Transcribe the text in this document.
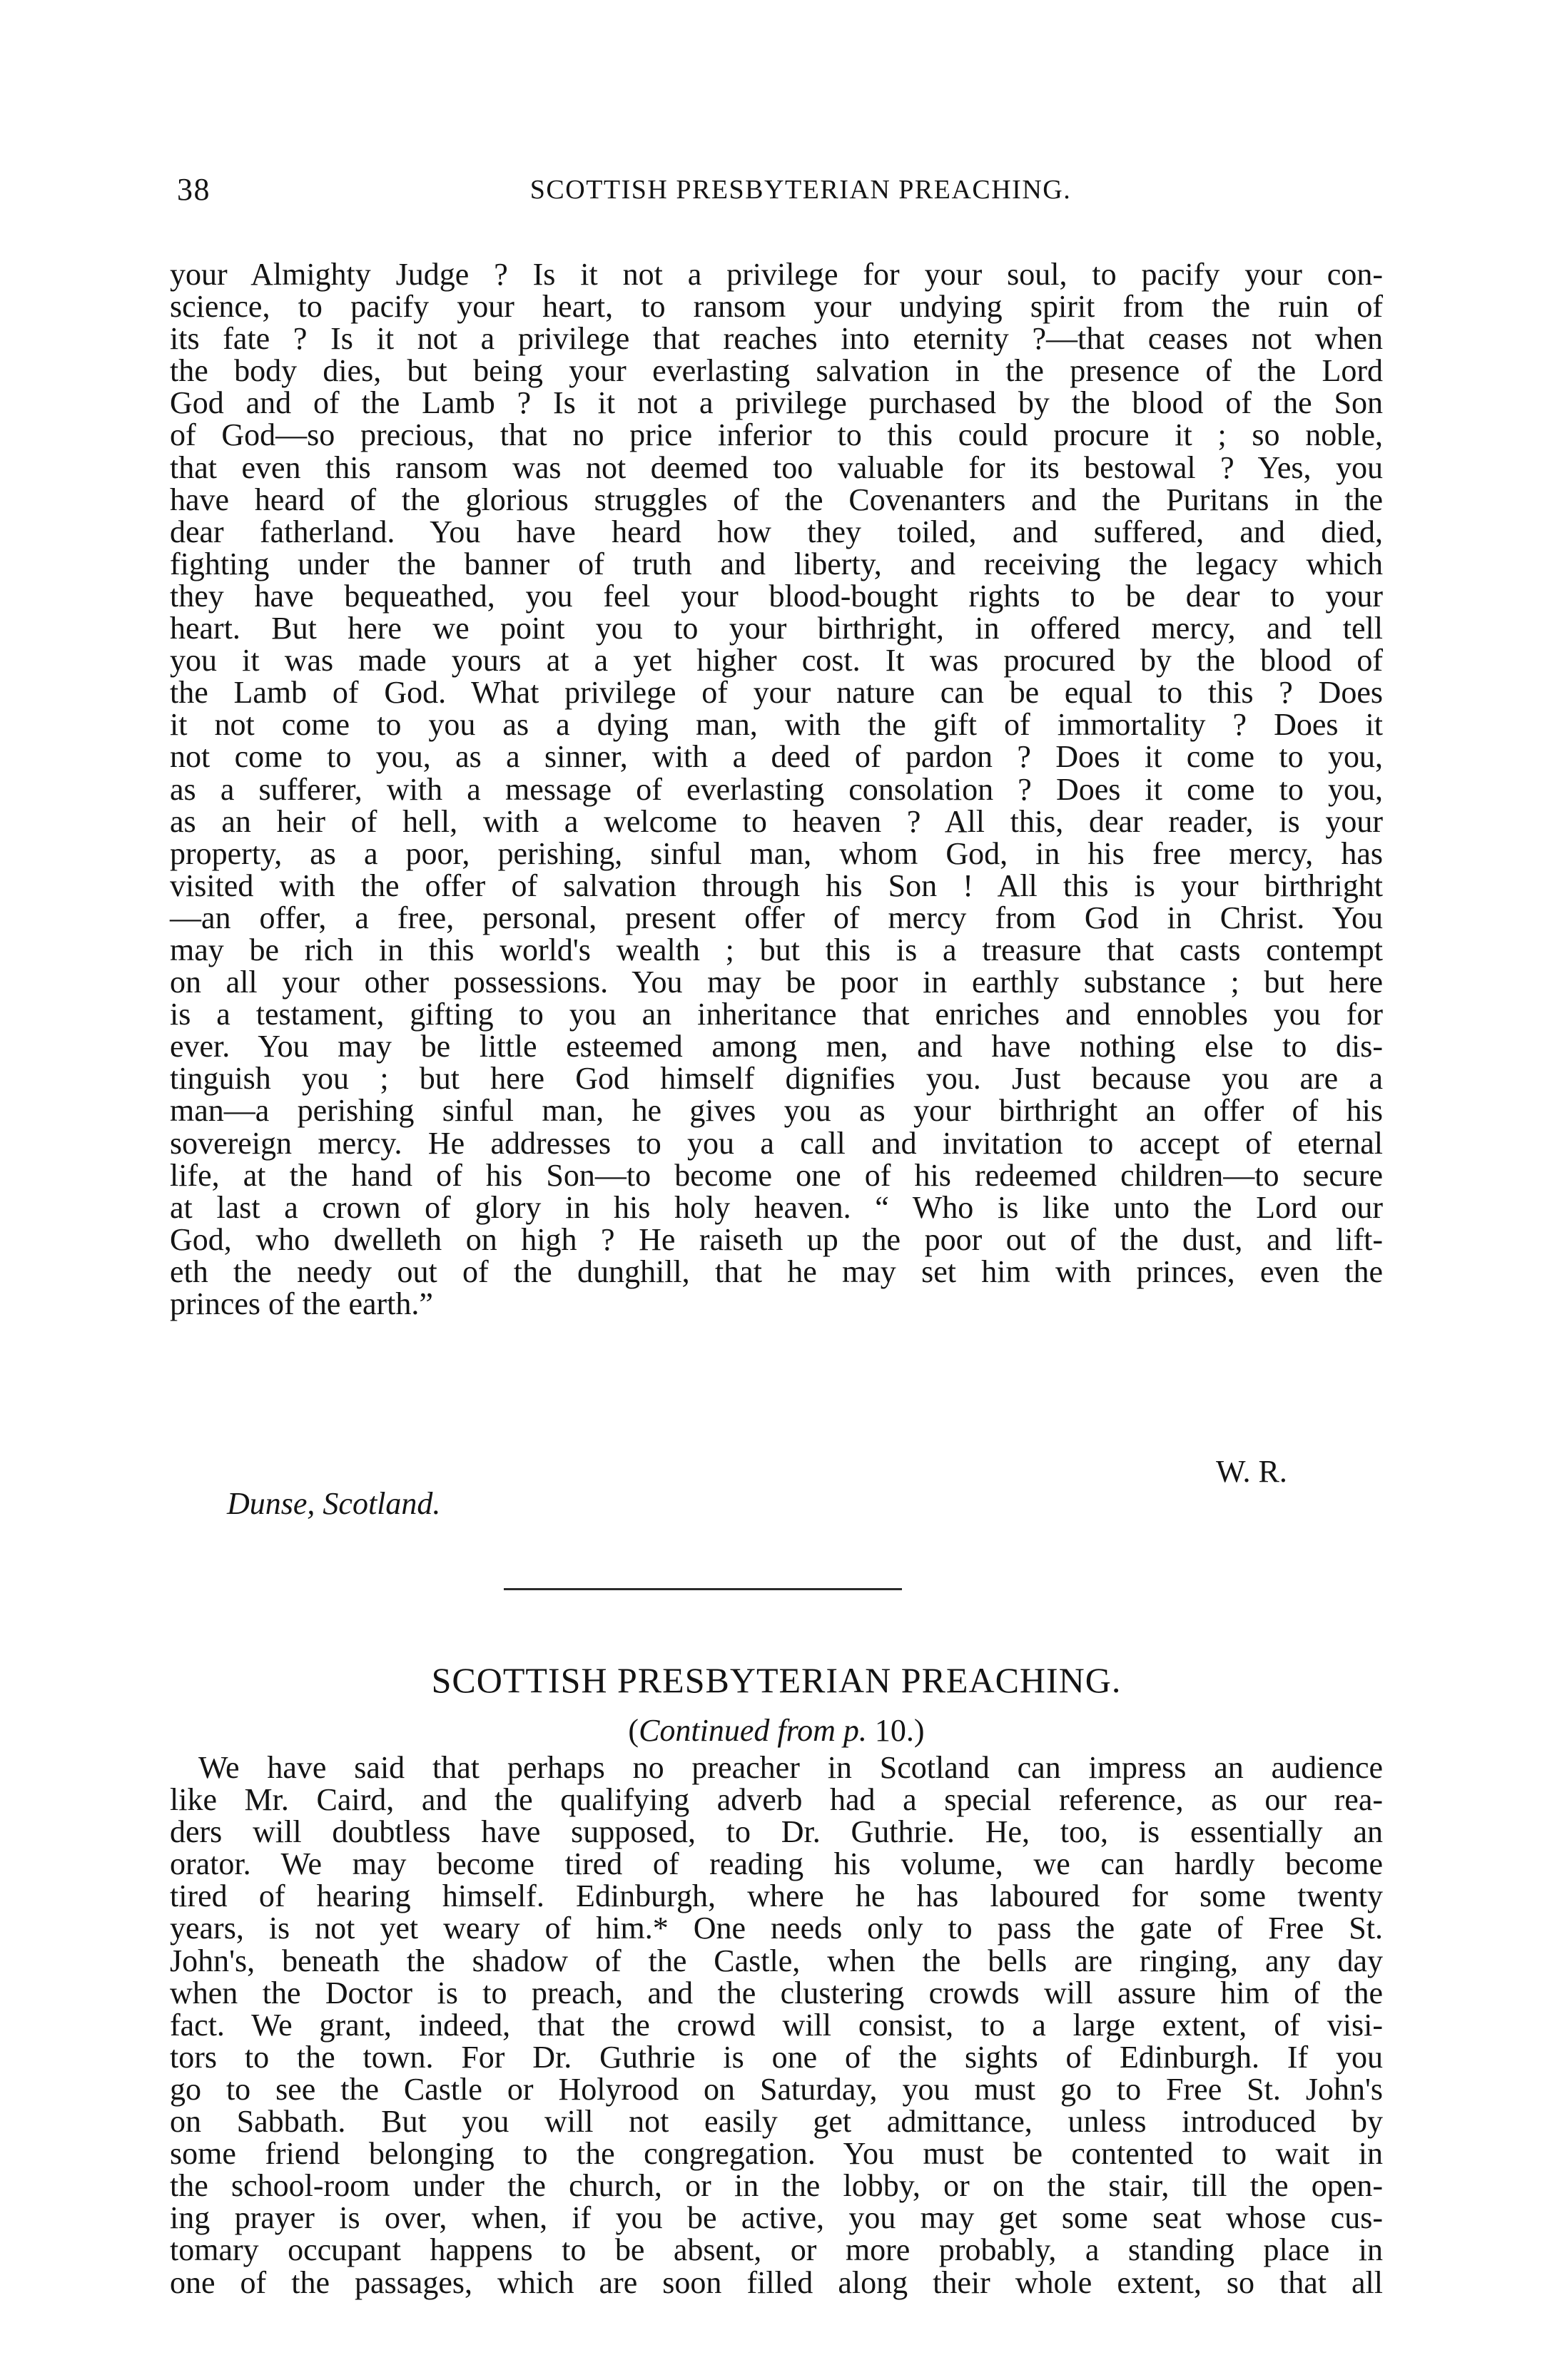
38	SCOTTISH PRESBYTERIAN PREACHING.
your Almighty Judge ? Is it not a privilege for your soul, to pacify your con-
science, to pacify your heart, to ransom your undying spirit from the ruin of
its fate ? Is it not a privilege that reaches into eternity ?—that ceases not when
the body dies, but being your everlasting salvation in the presence of the Lord
God and of the Lamb ? Is it not a privilege purchased by the blood of the Son
of God—so precious, that no price inferior to this could procure it ; so noble,
that even this ransom was not deemed too valuable for its bestowal ? Yes, you
have heard of the glorious struggles of the Covenanters and the Puritans in the
dear fatherland. You have heard how they toiled, and suffered, and died,
fighting under the banner of truth and liberty, and receiving the legacy which
they have bequeathed, you feel your blood-bought rights to be dear to your
heart. But here we point you to your birthright, in offered mercy, and tell
you it was made yours at a yet higher cost. It was procured by the blood of
the Lamb of God. What privilege of your nature can be equal to this ? Does
it not come to you as a dying man, with the gift of immortality ? Does it
not come to you, as a sinner, with a deed of pardon ? Does it come to you,
as a sufferer, with a message of everlasting consolation ? Does it come to you,
as an heir of hell, with a welcome to heaven ? All this, dear reader, is your
property, as a poor, perishing, sinful man, whom God, in his free mercy, has
visited with the offer of salvation through his Son ! All this is your birthright
—an offer, a free, personal, present offer of mercy from God in Christ. You
may be rich in this world's wealth ; but this is a treasure that casts contempt
on all your other possessions. You may be poor in earthly substance ; but here
is a testament, gifting to you an inheritance that enriches and ennobles you for
ever. You may be little esteemed among men, and have nothing else to dis-
tinguish you ; but here God himself dignifies you. Just because you are a
man—a perishing sinful man, he gives you as your birthright an offer of his
sovereign mercy. He addresses to you a call and invitation to accept of eternal
life, at the hand of his Son—to become one of his redeemed children—to secure
at last a crown of glory in his holy heaven. “ Who is like unto the Lord our
God, who dwelleth on high ? He raiseth up the poor out of the dust, and lift-
eth the needy out of the dunghill, that he may set him with princes, even the
princes of the earth.”
W. R.
Dunse, Scotland.
SCOTTISH PRESBYTERIAN PREACHING.
(Continued from p. 10.)
We have said that perhaps no preacher in Scotland can impress an audience
like Mr. Caird, and the qualifying adverb had a special reference, as our rea-
ders will doubtless have supposed, to Dr. Guthrie. He, too, is essentially an
orator. We may become tired of reading his volume, we can hardly become
tired of hearing himself. Edinburgh, where he has laboured for some twenty
years, is not yet weary of him.* One needs only to pass the gate of Free St.
John's, beneath the shadow of the Castle, when the bells are ringing, any day
when the Doctor is to preach, and the clustering crowds will assure him of the
fact. We grant, indeed, that the crowd will consist, to a large extent, of visi-
tors to the town. For Dr. Guthrie is one of the sights of Edinburgh. If you
go to see the Castle or Holyrood on Saturday, you must go to Free St. John's
on Sabbath. But you will not easily get admittance, unless introduced by
some friend belonging to the congregation. You must be contented to wait in
the school-room under the church, or in the lobby, or on the stair, till the open-
ing prayer is over, when, if you be active, you may get some seat whose cus-
tomary occupant happens to be absent, or more probably, a standing place in
one of the passages, which are soon filled along their whole extent, so that all
